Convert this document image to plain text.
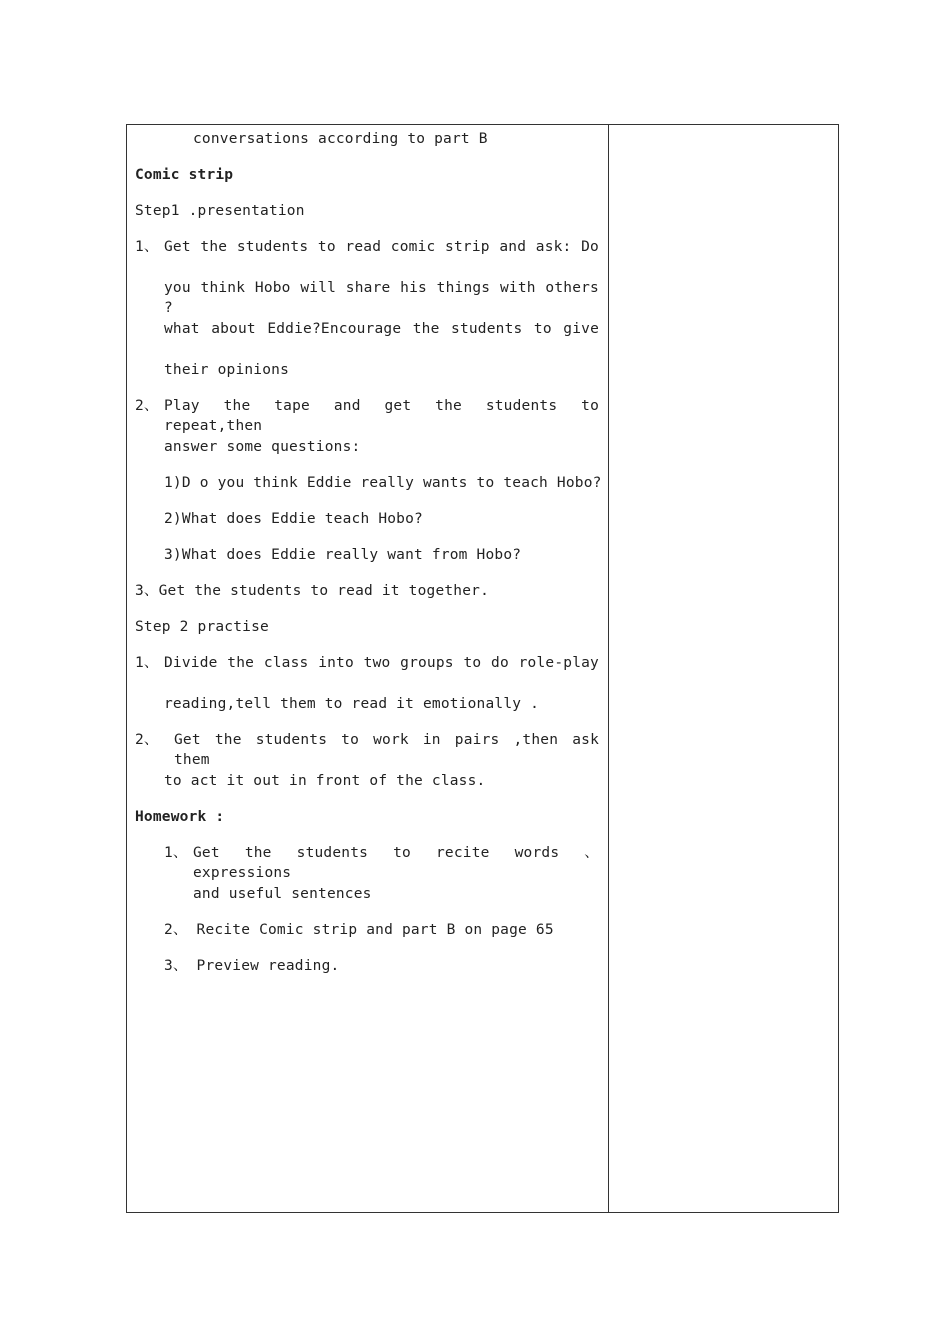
conversations according to part B
Comic strip
Step1 .presentation
1、 Get the students to read comic strip and ask: Do
you think Hobo will share his things with others ?
what about Eddie?Encourage the students to give
their opinions
2、 Play the tape and get the students to repeat,then
answer some questions:
1)D o you think Eddie really wants to teach Hobo?
2)What does Eddie teach Hobo?
3)What does Eddie really want from Hobo?
3、Get the students to read it together.
Step 2 practise
1、 Divide the class into two groups to do role-play
reading,tell them to read it emotionally .
2、 Get the students to work in pairs ,then ask them
to act it out in front of the class.
Homework :
1、 Get the students to recite words 、 expressions
and useful sentences
2、 Recite Comic strip and part B on page 65
3、 Preview reading.
